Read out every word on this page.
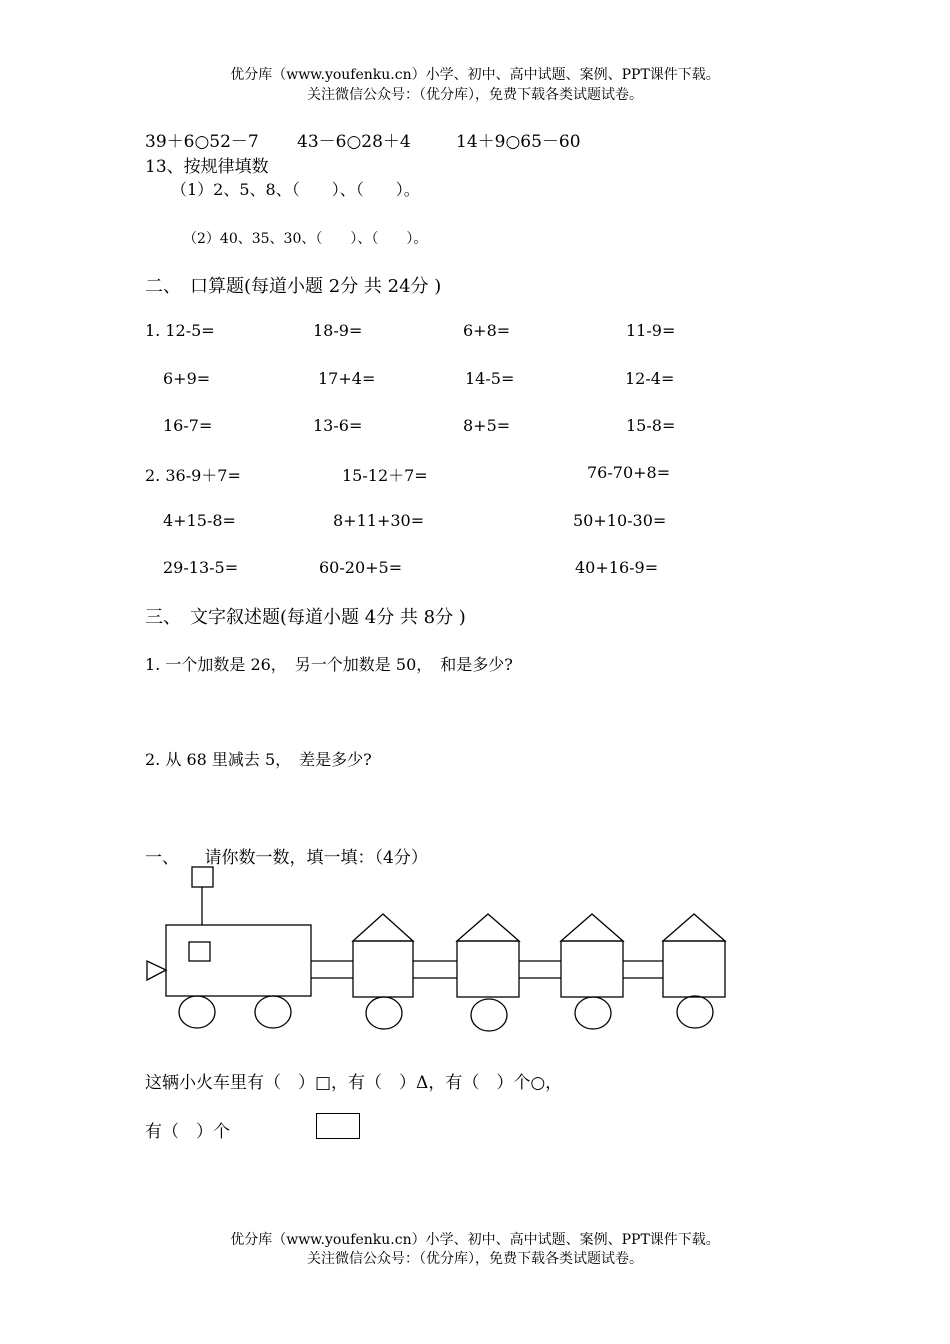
优分库（www.youfenku.cn）小学、初中、高中试题、案例、PPT课件下载。
关注微信公众号：（优分库），免费下载各类试题试卷。
39＋6○52－7 43－6○28＋4	14＋9○65－60
13、按规律填数
（1）2、5、8、（　　）、（　　）。
（2）40、35、30、（　　）、（　　）。
二、　口算题(每道小题 2分 共 24分 )
1. 12-5=	18-9=	6+8=	11-9=
6+9=	17+4=	14-5=	12-4=
16-7=	13-6=	8+5=	15-8=
2. 36-9＋7=	15-12＋7=	76-70+8=
4+15-8=	8+11+30=	50+10-30=
29-13-5=	60-20+5=	40+16-9=
三、　文字叙述题(每道小题 4分 共 8分 )
1. 一个加数是 26，　另一个加数是 50，　和是多少?
2. 从 68 里减去 5，　差是多少?
一、　　请你数一数，填一填：（4分）
这辆小火车里有（　）□，有（　）Δ，有（　）个○，
有（　）个
优分库（www.youfenku.cn）小学、初中、高中试题、案例、PPT课件下载。
关注微信公众号：（优分库），免费下载各类试题试卷。
